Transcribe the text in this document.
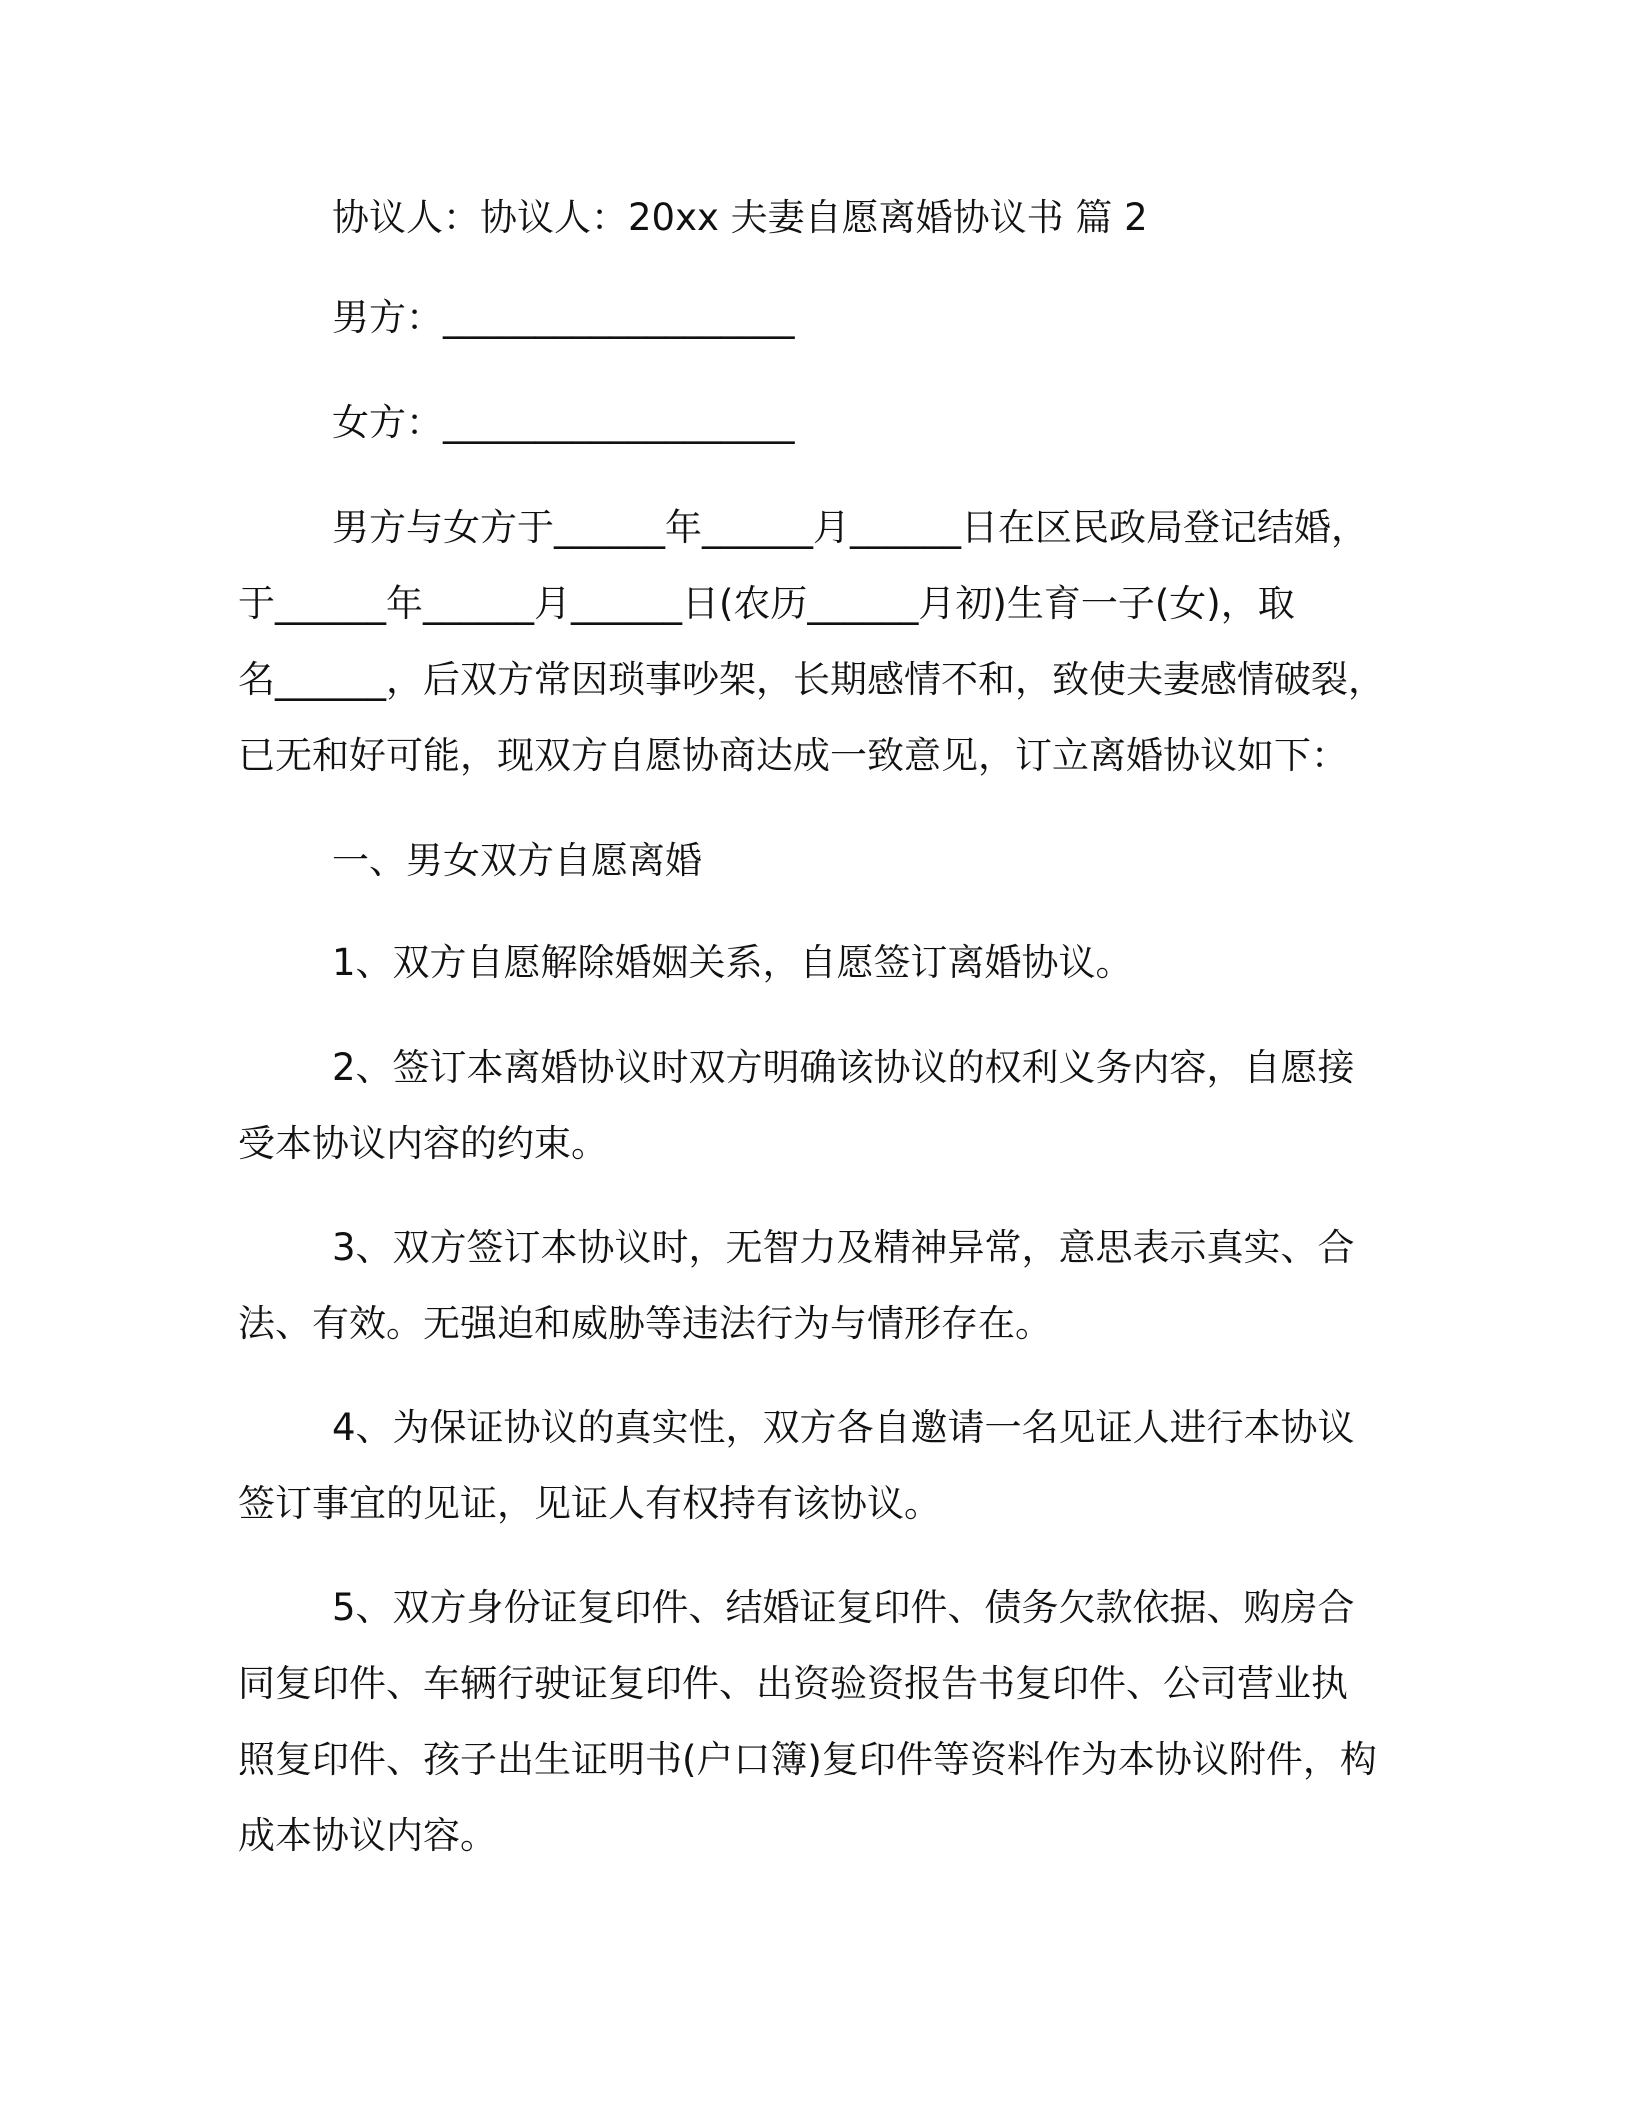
协议人：协议人：20xx 夫妻自愿离婚协议书 篇 2

男方：___________________

女方：___________________

男方与女方于______年______月______日在区民政局登记结婚，
于______年______月______日(农历______月初)生育一子(女)，取
名______，后双方常因琐事吵架，长期感情不和，致使夫妻感情破裂，
已无和好可能，现双方自愿协商达成一致意见，订立离婚协议如下：

一、男女双方自愿离婚

1、双方自愿解除婚姻关系，自愿签订离婚协议。

2、签订本离婚协议时双方明确该协议的权利义务内容，自愿接
受本协议内容的约束。

3、双方签订本协议时，无智力及精神异常，意思表示真实、合
法、有效。无强迫和威胁等违法行为与情形存在。

4、为保证协议的真实性，双方各自邀请一名见证人进行本协议
签订事宜的见证，见证人有权持有该协议。

5、双方身份证复印件、结婚证复印件、债务欠款依据、购房合
同复印件、车辆行驶证复印件、出资验资报告书复印件、公司营业执
照复印件、孩子出生证明书(户口簿)复印件等资料作为本协议附件，构
成本协议内容。
